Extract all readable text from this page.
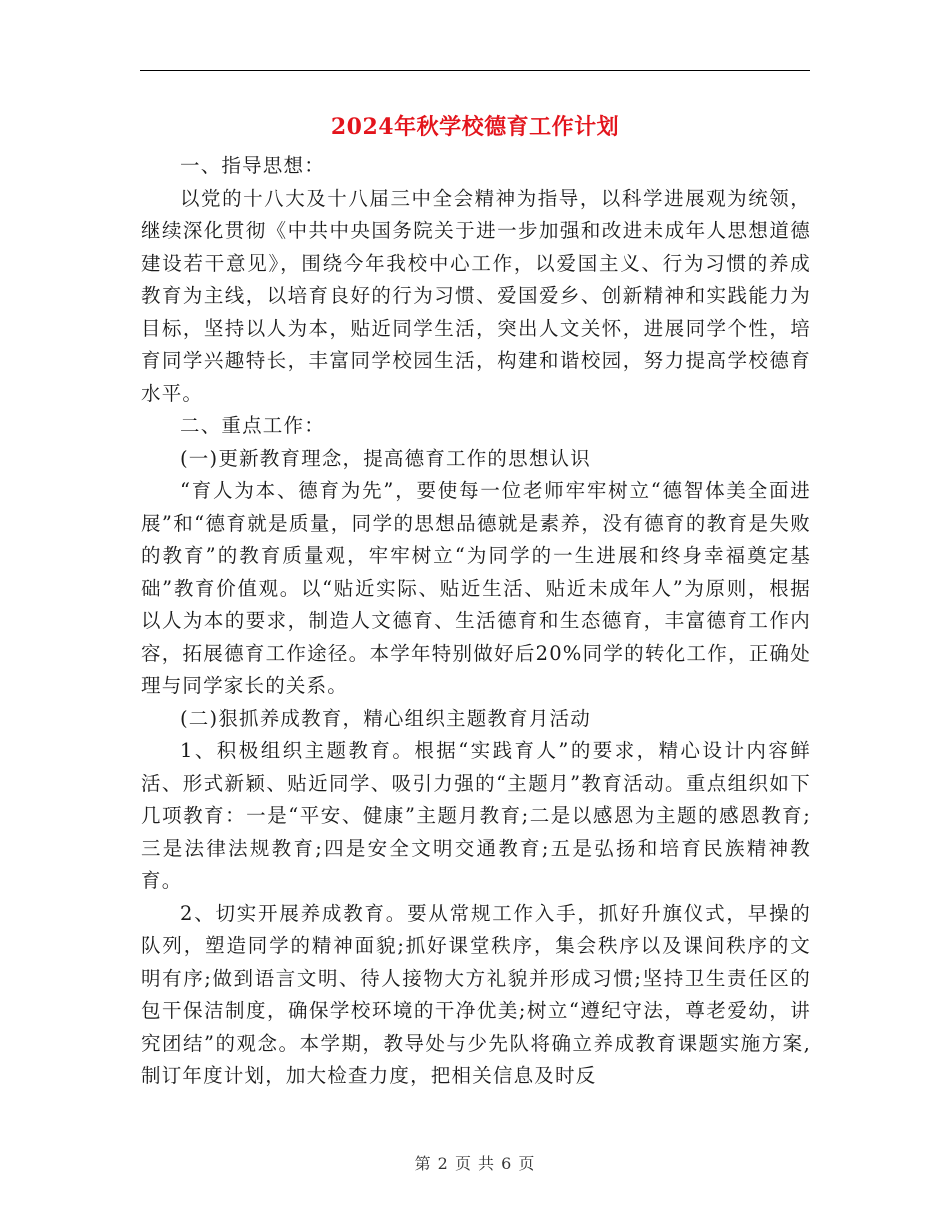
2024年秋学校德育工作计划

一、指导思想：

以党的十八大及十八届三中全会精神为指导，以科学进展观为统领，继续深化贯彻《中共中央国务院关于进一步加强和改进未成年人思想道德建设若干意见》，围绕今年我校中心工作，以爱国主义、行为习惯的养成教育为主线，以培育良好的行为习惯、爱国爱乡、创新精神和实践能力为目标，坚持以人为本，贴近同学生活，突出人文关怀，进展同学个性，培育同学兴趣特长，丰富同学校园生活，构建和谐校园，努力提高学校德育水平。

二、重点工作：

(一)更新教育理念，提高德育工作的思想认识

“育人为本、德育为先”，要使每一位老师牢牢树立“德智体美全面进展”和“德育就是质量，同学的思想品德就是素养，没有德育的教育是失败的教育”的教育质量观，牢牢树立“为同学的一生进展和终身幸福奠定基础”教育价值观。以“贴近实际、贴近生活、贴近未成年人”为原则，根据以人为本的要求，制造人文德育、生活德育和生态德育，丰富德育工作内容，拓展德育工作途径。本学年特别做好后20%同学的转化工作，正确处理与同学家长的关系。

(二)狠抓养成教育，精心组织主题教育月活动

1、积极组织主题教育。根据“实践育人”的要求，精心设计内容鲜活、形式新颖、贴近同学、吸引力强的“主题月”教育活动。重点组织如下几项教育：一是“平安、健康”主题月教育;二是以感恩为主题的感恩教育;三是法律法规教育;四是安全文明交通教育;五是弘扬和培育民族精神教育。

2、切实开展养成教育。要从常规工作入手，抓好升旗仪式，早操的队列，塑造同学的精神面貌;抓好课堂秩序，集会秩序以及课间秩序的文明有序;做到语言文明、待人接物大方礼貌并形成习惯;坚持卫生责任区的包干保洁制度，确保学校环境的干净优美;树立“遵纪守法，尊老爱幼，讲究团结”的观念。本学期，教导处与少先队将确立养成教育课题实施方案,制订年度计划，加大检查力度，把相关信息及时反

第 2 页 共 6 页
